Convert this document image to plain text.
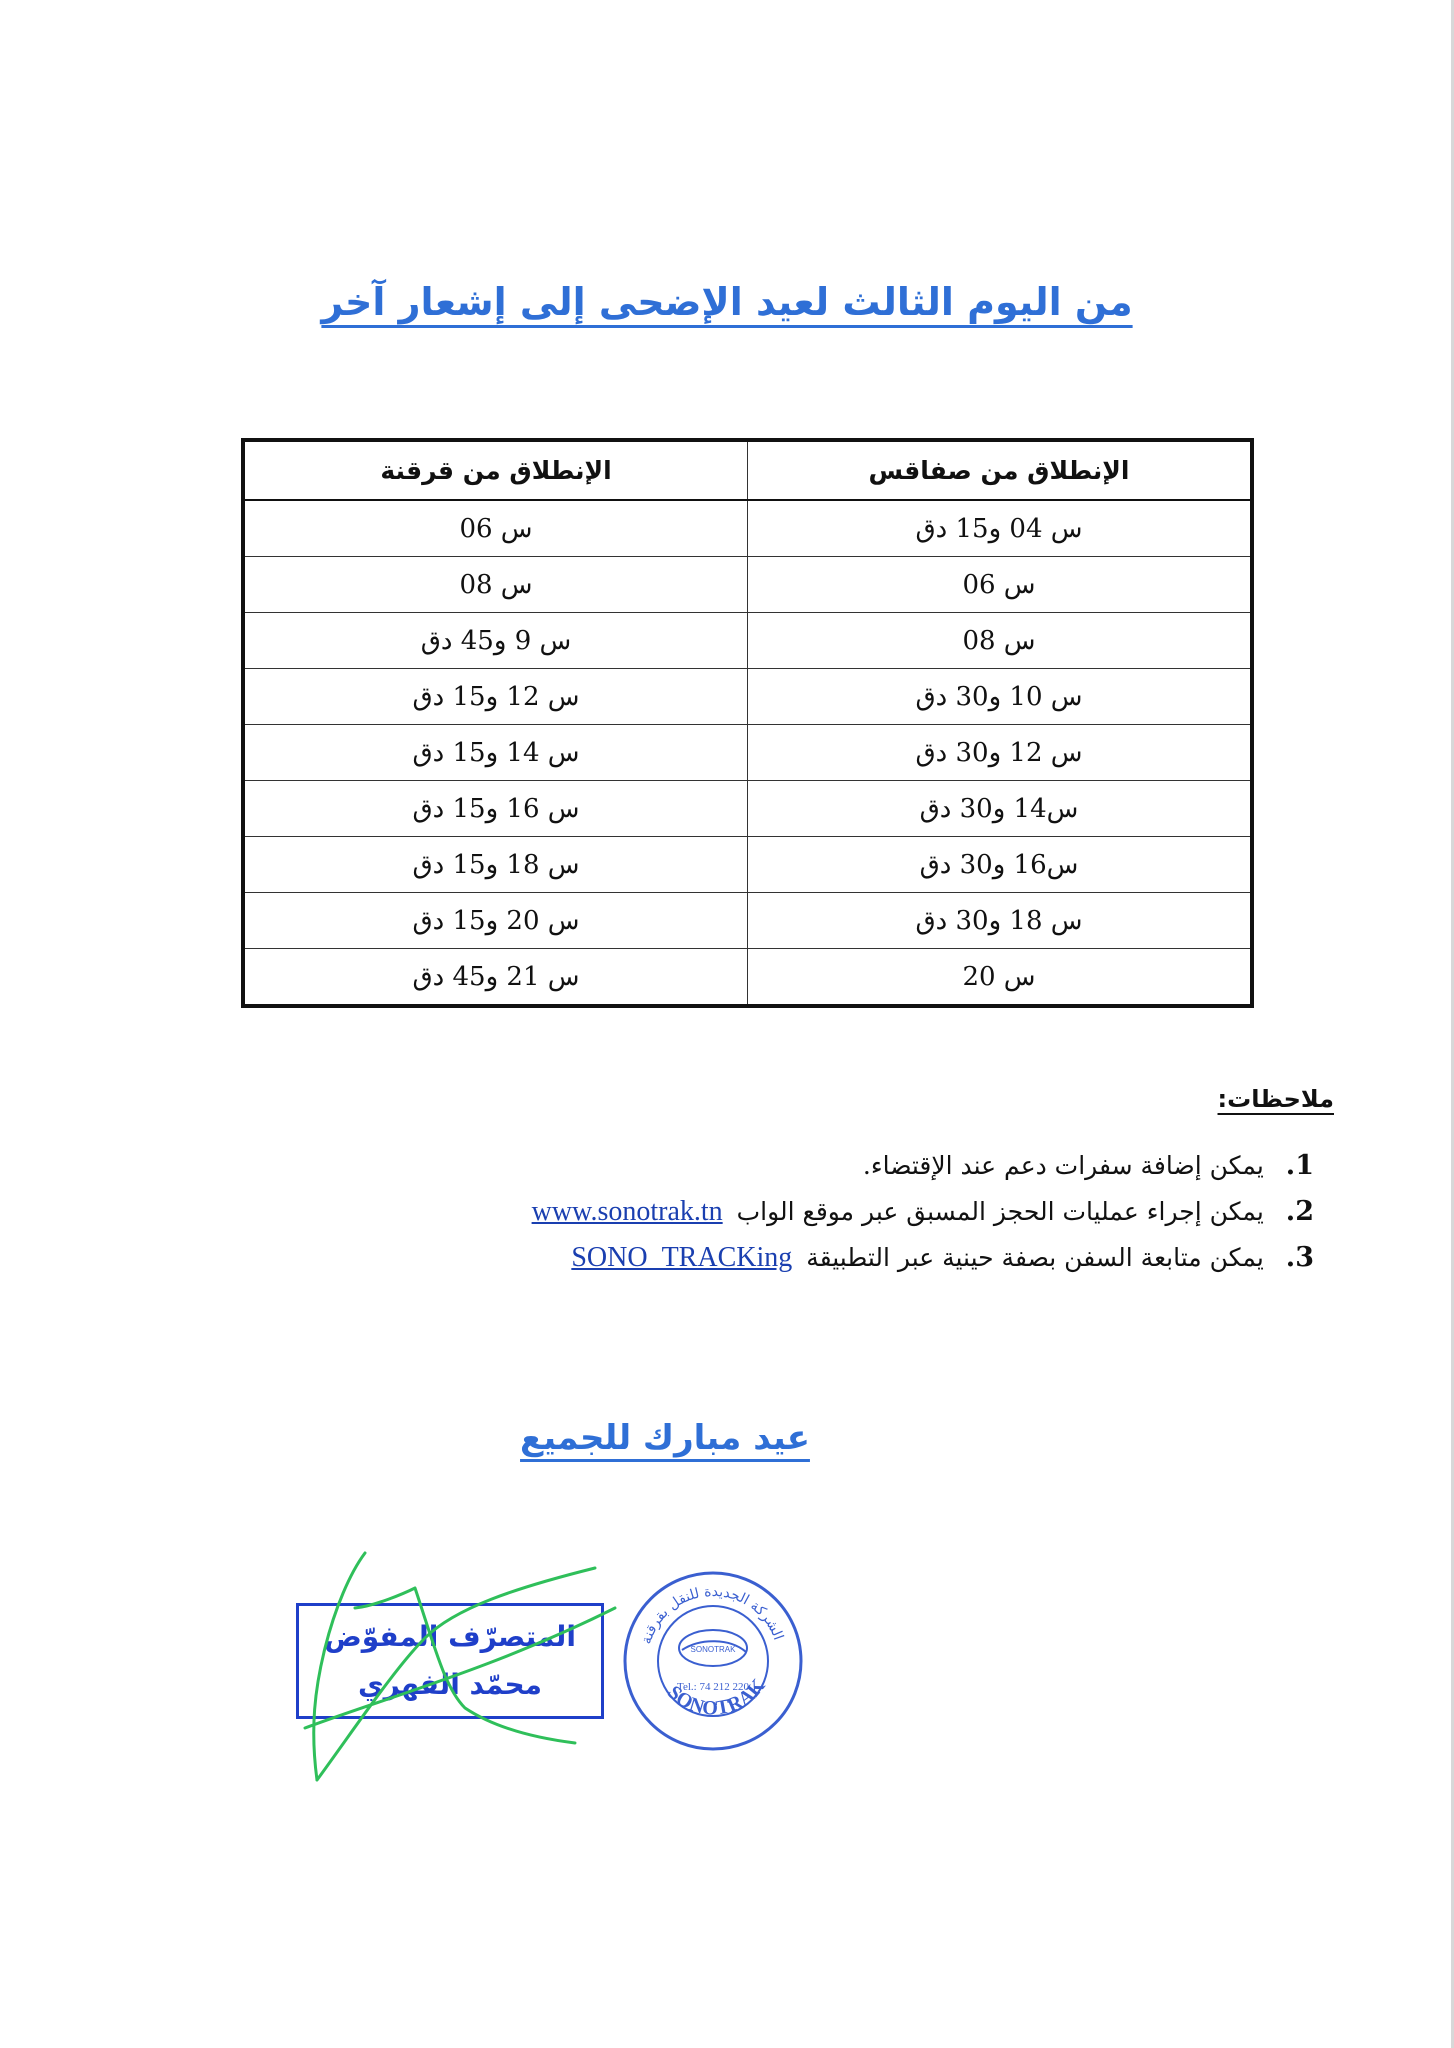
من اليوم الثالث لعيد الإضحى إلى إشعار آخر
الإنطلاق من صفاقس	الإنطلاق من قرقنة
س 04 و15 دق	س 06
س 06	س 08
س 08	س 9 و45 دق
س 10 و30 دق	س 12 و15 دق
س 12 و30 دق	س 14 و15 دق
س14 و30 دق	س 16 و15 دق
س16 و30 دق	س 18 و15 دق
س 18 و30 دق	س 20 و15 دق
س 20	س 21 و45 دق
ملاحظات:
1. يمكن إضافة سفرات دعم عند الإقتضاء.
2. يمكن إجراء عمليات الحجز المسبق عبر موقع الواب www.sonotrak.tn
3. يمكن متابعة السفن بصفة حينية عبر التطبيقة SONO_TRACKing
عيد مبارك للجميع
المتصرّف المفوّض
محمّد الفهري
الشركة الجديدة للنقل بقرقنة
SONOTRAK
SONOTRAK
Tel.: 74 212 220
